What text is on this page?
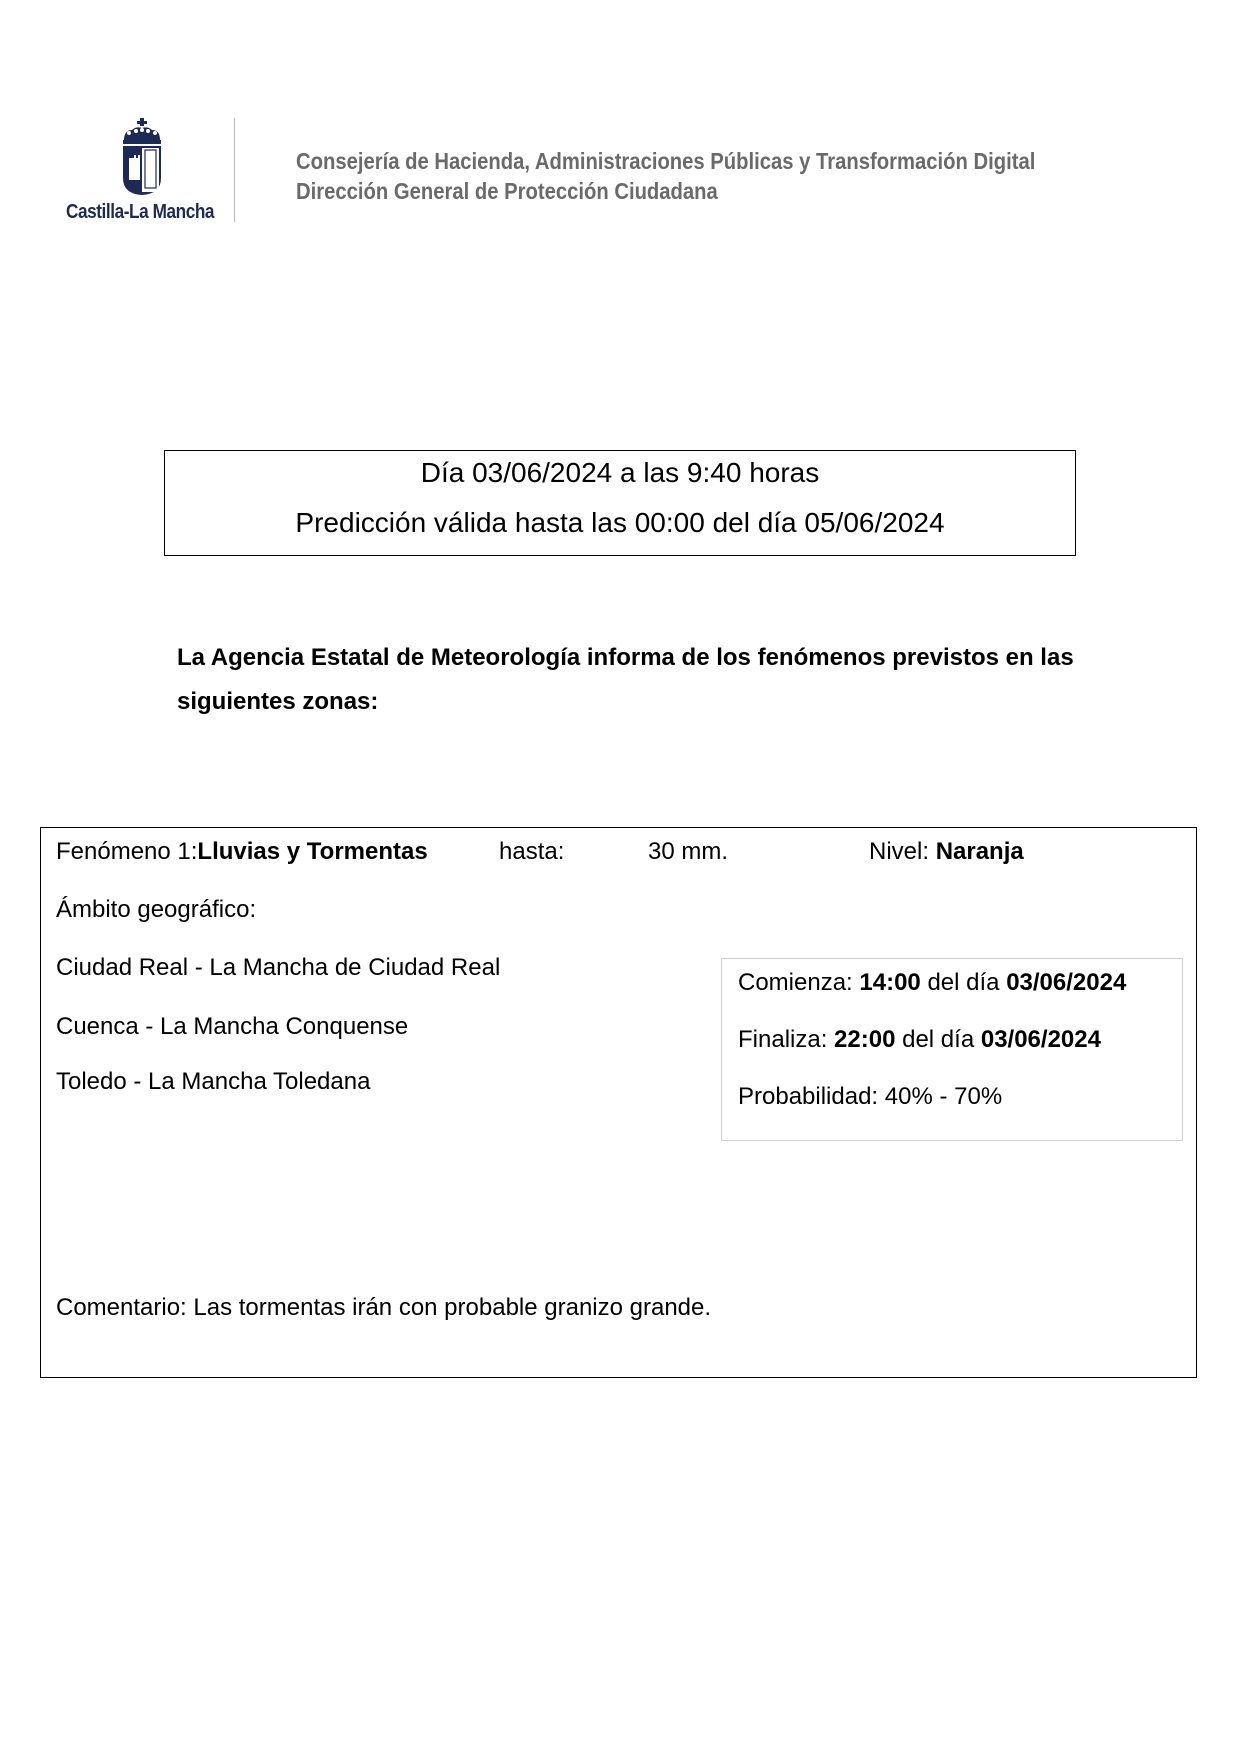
Castilla-La Mancha
Consejería de Hacienda, Administraciones Públicas y Transformación Digital
Dirección General de Protección Ciudadana
Día 03/06/2024 a las 9:40 horas
Predicción válida hasta las 00:00 del día 05/06/2024
La Agencia Estatal de Meteorología informa de los fenómenos previstos en las siguientes zonas:
Fenómeno 1:Lluvias y Tormentas	hasta:	30 mm.	Nivel: Naranja
Ámbito geográfico:
Ciudad Real - La Mancha de Ciudad Real
Cuenca - La Mancha Conquense
Toledo - La Mancha Toledana
Comienza: 14:00 del día 03/06/2024
Finaliza: 22:00 del día 03/06/2024
Probabilidad: 40% - 70%
Comentario: Las tormentas irán con probable granizo grande.
